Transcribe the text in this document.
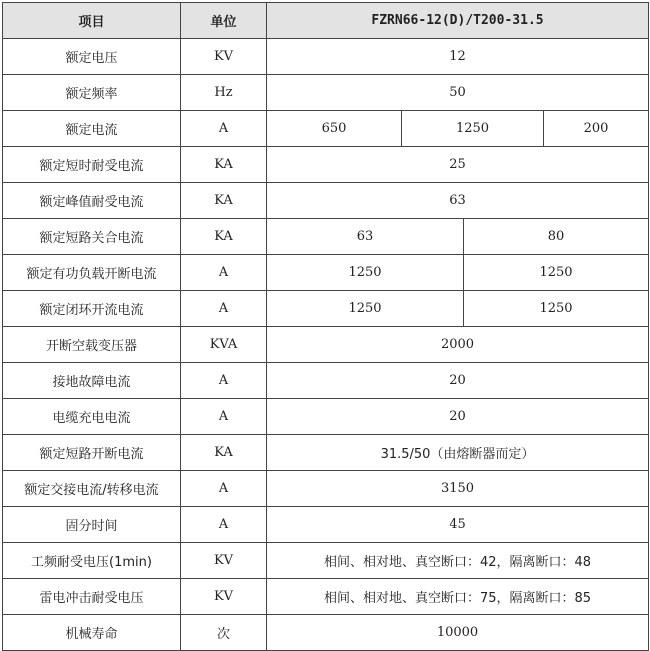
项目	单位	FZRN66-12(D)/T200-31.5			
额定电压	KV	12			
额定频率	Hz	50			
额定电流	A	650	1250		200
额定短时耐受电流	KA	25			
额定峰值耐受电流	KA	63			
额定短路关合电流	KA	63		80	
额定有功负载开断电流	A	1250		1250	
额定闭环开流电流	A	1250		1250	
开断空载变压器	KVA	2000			
接地故障电流	A	20			
电缆充电电流	A	20			
额定短路开断电流	KA	31.5/50（由熔断器而定）			
额定交接电流/转移电流	A	3150			
固分时间	A	45			
工频耐受电压(1min)	KV	相间、相对地、真空断口：42，隔离断口：48			
雷电冲击耐受电压	KV	相间、相对地、真空断口：75，隔离断口：85			
机械寿命	次	10000			
